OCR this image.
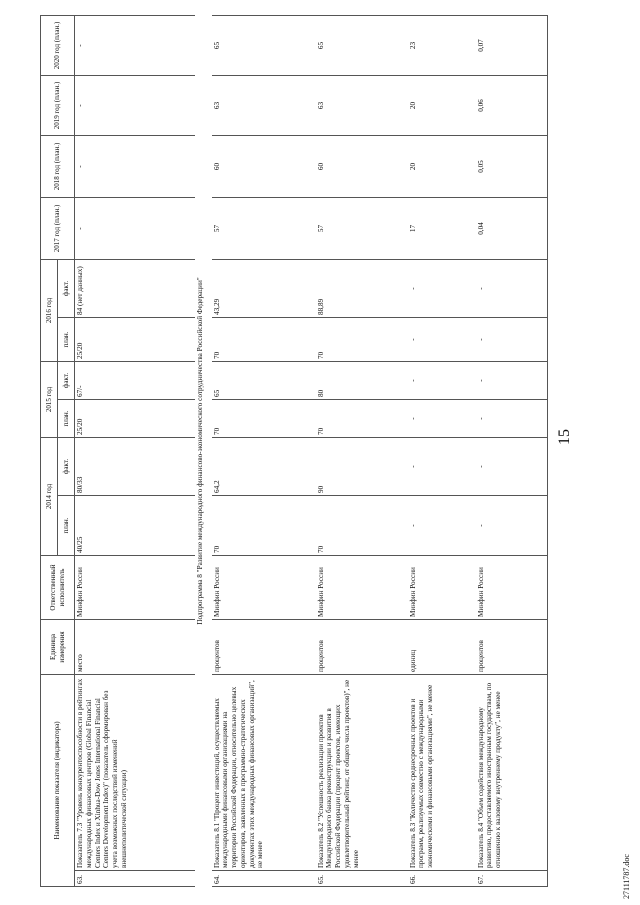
15
Наименование показателя (индикатора)		Единица измерения	Ответственный исполнитель	2014 год		2015 год		2016 год		2017 год (план.)	2018 год (план.)	2019 год (план.)	2020 год (план.)
				план.	факт.	план.	факт.	план.	факт.				
63.	Показатель 7.3 "Уровень конкурентоспособности в рейтингах международных финансовых центров (Global Financial Centers Index и Xinhua-Dow Jones International Financial Centers Development Index)" (показатель сформирован без учета возможных последствий изменений внешнеполитической ситуации)	место	Минфин России	40/25	80/33	25/20	67/-	25/20	84 (нет данных)	-	-	-	-
Подпрограмма 8 "Развитие международного финансово-экономического сотрудничества Российской Федерации"													
64.	Показатель 8.1 "Процент инвестиций, осуществляемых международными финансовыми организациями на территории Российской Федерации, относительно целевых ориентиров, заявленных в программно-стратегических документах этих международных финансовых организаций", не менее	процентов	Минфин России	70	64,2	70	65	70	43,29	57	60	63	65
65.	Показатель 8.2 "Успешность реализации проектов Международного банка реконструкции и развития в Российской Федерации (процент проектов, имеющих удовлетворительный рейтинг, от общего числа проектов)", не менее	процентов	Минфин России	70	90	70	80	70	88,89	57	60	63	65
66.	Показатель 8.3 "Количество среднесрочных проектов и программ, реализуемых совместно с международными экономическими и финансовыми организациями", не менее	единиц	Минфин России	-	-	-	-	-	-	17	20	20	23
67.	Показатель 8.4 "Объем содействия международному развитию, предоставляемого иностранным государствам, по отношению к валовому внутреннему продукту", не менее	процентов	Минфин России	-	-	-	-	-	-	0,04	0,05	0,06	0,07
27111787.doc
